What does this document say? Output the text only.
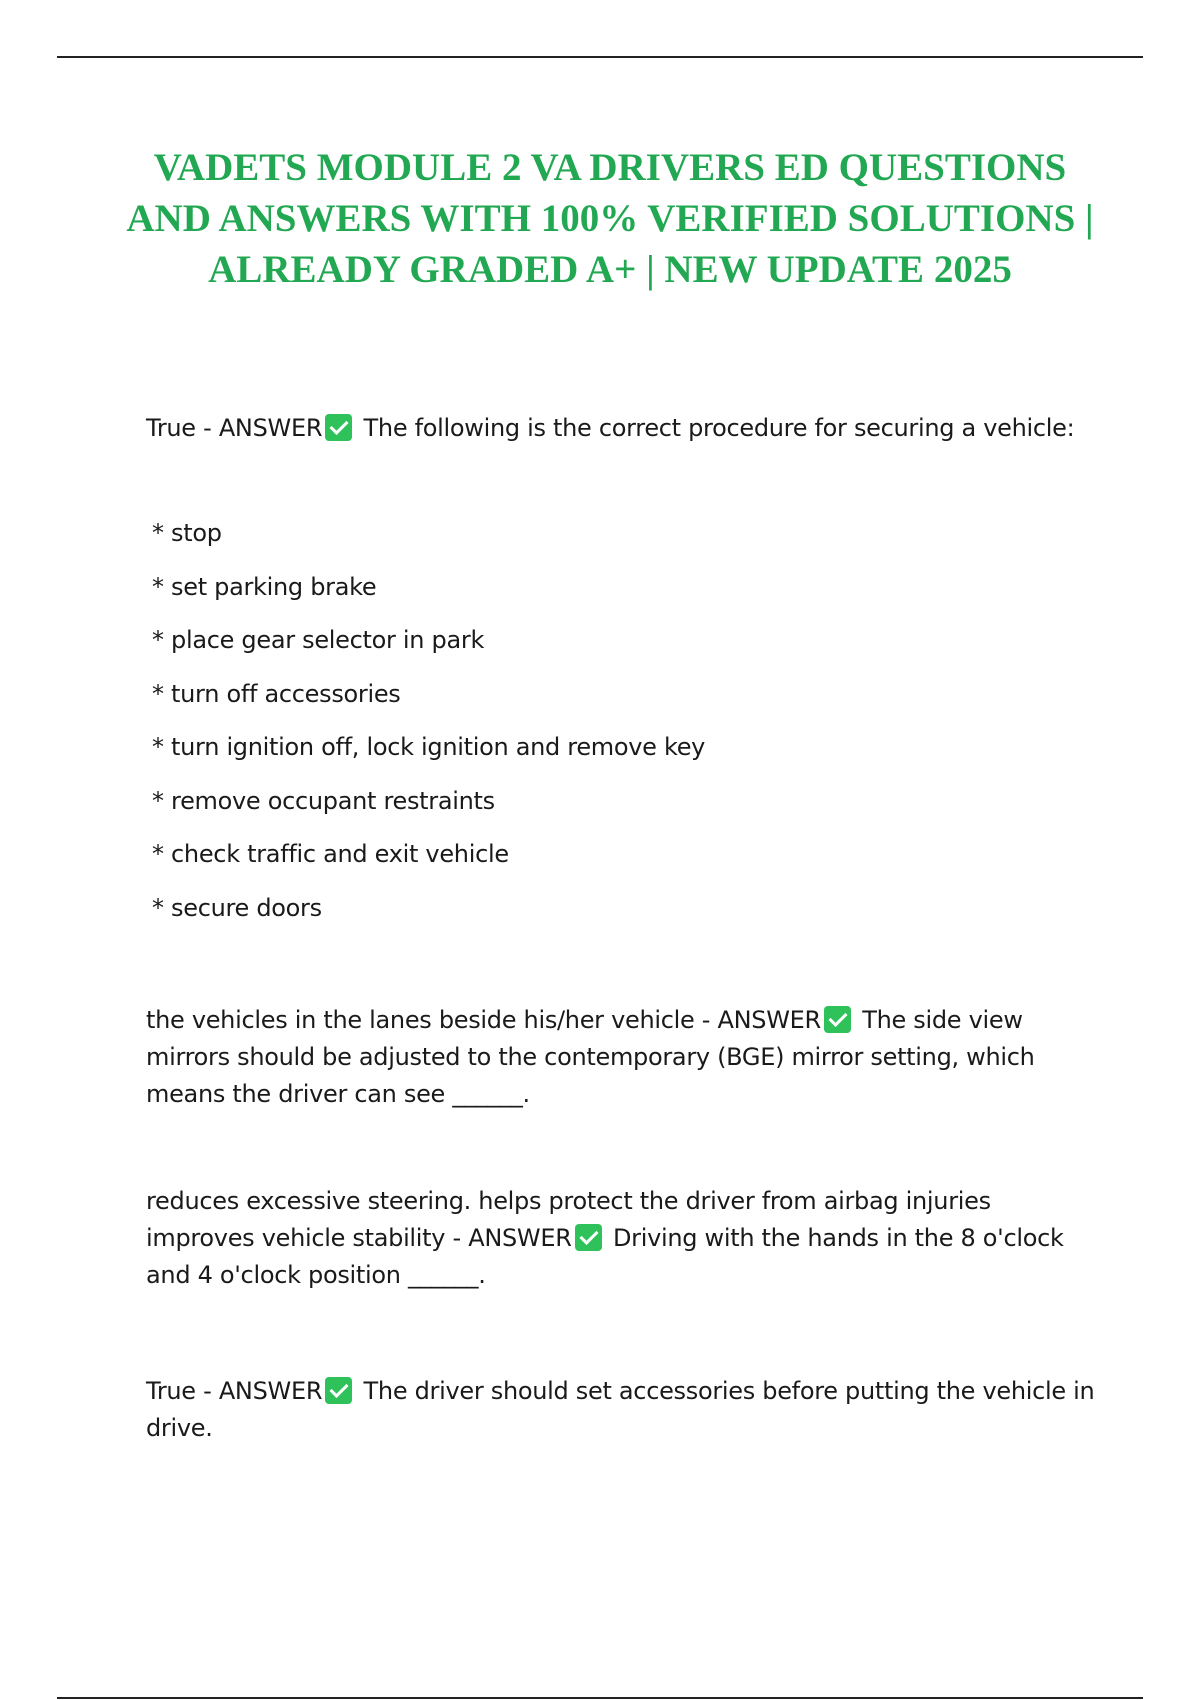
VADETS MODULE 2 VA DRIVERS ED QUESTIONS AND ANSWERS WITH 100% VERIFIED SOLUTIONS | ALREADY GRADED A+ | NEW UPDATE 2025

True - ANSWER The following is the correct procedure for securing a vehicle:

* stop
* set parking brake
* place gear selector in park
* turn off accessories
* turn ignition off, lock ignition and remove key
* remove occupant restraints
* check traffic and exit vehicle
* secure doors

the vehicles in the lanes beside his/her vehicle - ANSWER The side view mirrors should be adjusted to the contemporary (BGE) mirror setting, which means the driver can see ______.

reduces excessive steering. helps protect the driver from airbag injuries improves vehicle stability - ANSWER Driving with the hands in the 8 o'clock and 4 o'clock position ______.

True - ANSWER The driver should set accessories before putting the vehicle in drive.
